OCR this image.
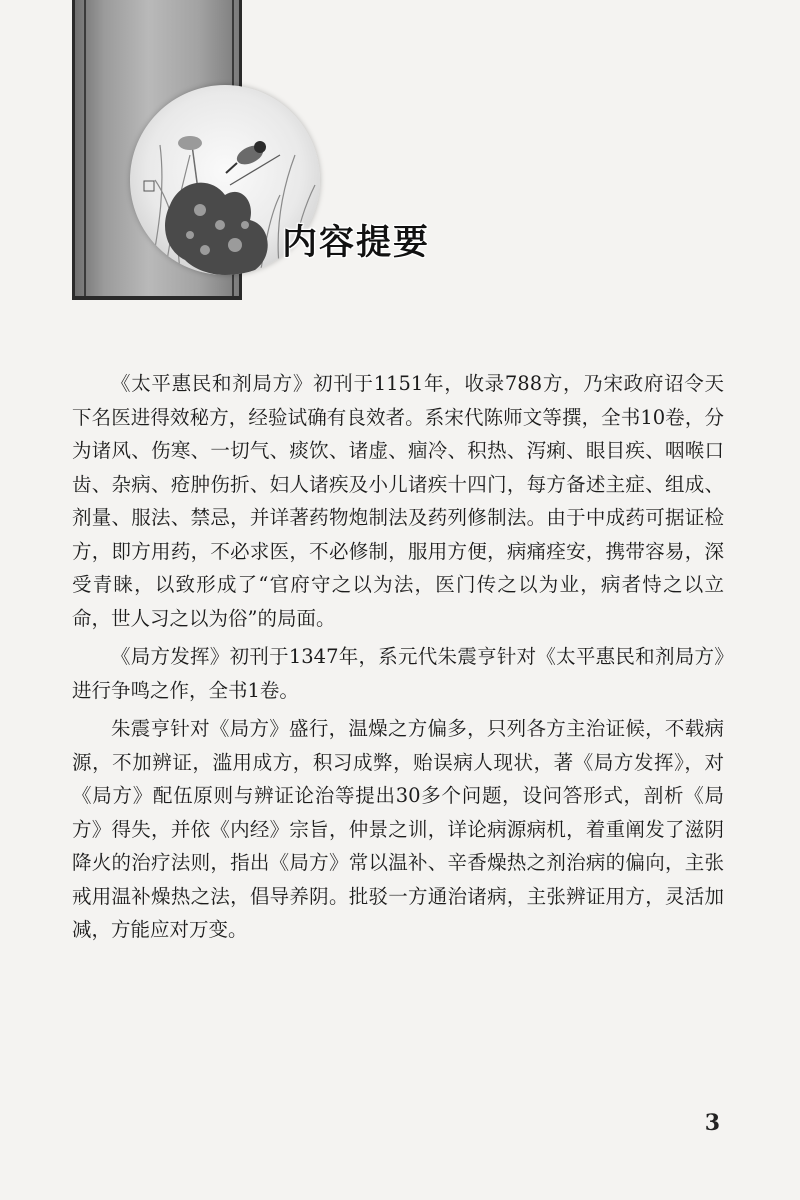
内容提要

《太平惠民和剂局方》初刊于1151年，收录788方，乃宋政府诏令天下名医进得效秘方，经验试确有良效者。系宋代陈师文等撰，全书10卷，分为诸风、伤寒、一切气、痰饮、诸虚、痼冷、积热、泻痢、眼目疾、咽喉口齿、杂病、疮肿伤折、妇人诸疾及小儿诸疾十四门，每方备述主症、组成、剂量、服法、禁忌，并详著药物炮制法及药列修制法。由于中成药可据证检方，即方用药，不必求医，不必修制，服用方便，病痛痊安，携带容易，深受青睐，以致形成了“官府守之以为法，医门传之以为业，病者恃之以立命，世人习之以为俗”的局面。

《局方发挥》初刊于1347年，系元代朱震亨针对《太平惠民和剂局方》进行争鸣之作，全书1卷。

朱震亨针对《局方》盛行，温燥之方偏多，只列各方主治证候，不载病源，不加辨证，滥用成方，积习成弊，贻误病人现状，著《局方发挥》，对《局方》配伍原则与辨证论治等提出30多个问题，设问答形式，剖析《局方》得失，并依《内经》宗旨，仲景之训，详论病源病机，着重阐发了滋阴降火的治疗法则，指出《局方》常以温补、辛香燥热之剂治病的偏向，主张戒用温补燥热之法，倡导养阴。批驳一方通治诸病，主张辨证用方，灵活加减，方能应对万变。

3
